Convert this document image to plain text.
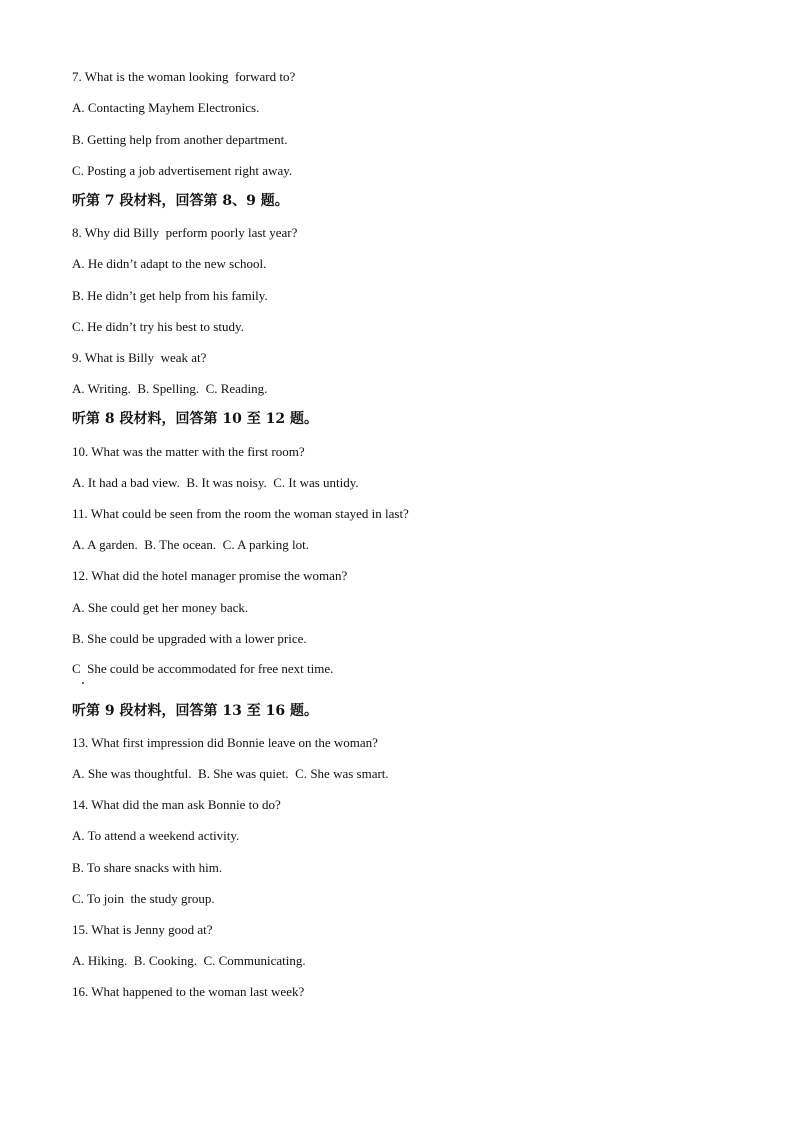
7. What is the woman looking  forward to?
A. Contacting Mayhem Electronics.
B. Getting help from another department.
C. Posting a job advertisement right away.
听第 7 段材料，回答第 8、9 题。
8. Why did Billy  perform poorly last year?
A. He didn’t adapt to the new school.
B. He didn’t get help from his family.
C. He didn’t try his best to study.
9. What is Billy  weak at?
A. Writing.  B. Spelling.  C. Reading.
听第 8 段材料，回答第 10 至 12 题。
10. What was the matter with the first room?
A. It had a bad view.  B. It was noisy.  C. It was untidy.
11. What could be seen from the room the woman stayed in last?
A. A garden.  B. The ocean.  C. A parking lot.
12. What did the hotel manager promise the woman?
A. She could get her money back.
B. She could be upgraded with a lower price.
C  She could be accommodated for free next time.
听第 9 段材料，回答第 13 至 16 题。
13. What first impression did Bonnie leave on the woman?
A. She was thoughtful.  B. She was quiet.  C. She was smart.
14. What did the man ask Bonnie to do?
A. To attend a weekend activity.
B. To share snacks with him.
C. To join  the study group.
15. What is Jenny good at?
A. Hiking.  B. Cooking.  C. Communicating.
16. What happened to the woman last week?
